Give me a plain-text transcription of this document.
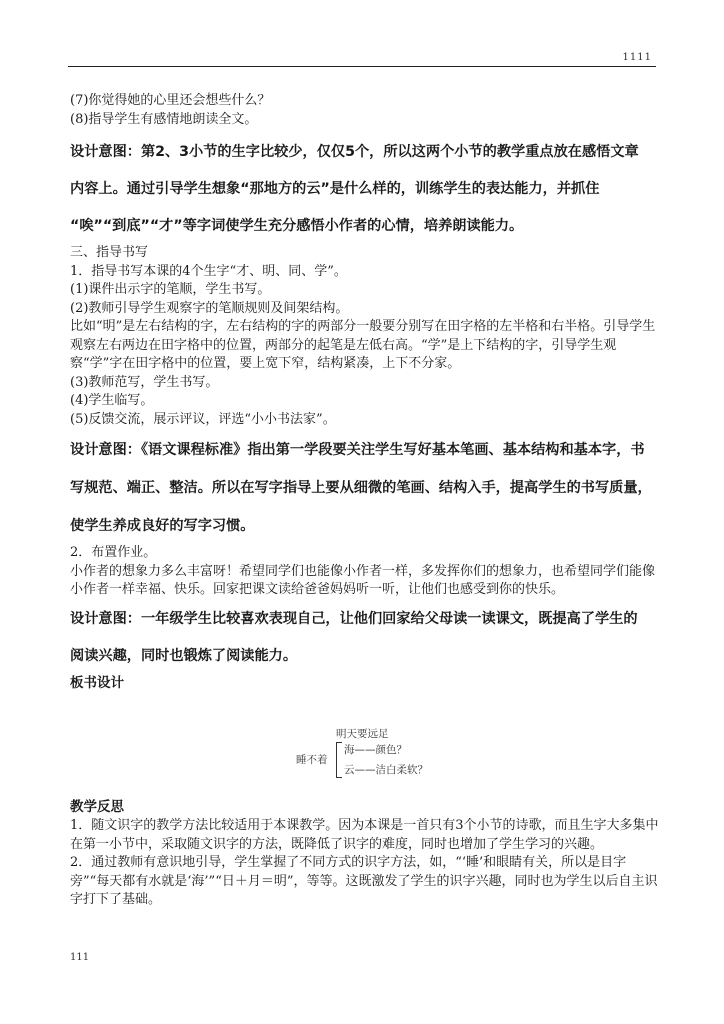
1111
(7)你觉得她的心里还会想些什么？
(8)指导学生有感情地朗读全文。
设计意图：第2、3小节的生字比较少，仅仅5个，所以这两个小节的教学重点放在感悟文章
内容上。通过引导学生想象“那地方的云”是什么样的，训练学生的表达能力，并抓住
“唉”“到底”“才”等字词使学生充分感悟小作者的心情，培养朗读能力。
三、指导书写
1．指导书写本课的4个生字“才、明、同、学”。
(1)课件出示字的笔顺，学生书写。
(2)教师引导学生观察字的笔顺规则及间架结构。
比如“明”是左右结构的字，左右结构的字的两部分一般要分别写在田字格的左半格和右半格。引导学生观察左右两边在田字格中的位置，两部分的起笔是左低右高。“学”是上下结构的字，引导学生观察“学”字在田字格中的位置，要上宽下窄，结构紧凑，上下不分家。
(3)教师范写，学生书写。
(4)学生临写。
(5)反馈交流，展示评议，评选“小小书法家”。
设计意图：《语文课程标准》指出第一学段要关注学生写好基本笔画、基本结构和基本字，书
写规范、端正、整洁。所以在写字指导上要从细微的笔画、结构入手，提高学生的书写质量，
使学生养成良好的写字习惯。
2．布置作业。
小作者的想象力多么丰富呀！希望同学们也能像小作者一样，多发挥你们的想象力，也希望同学们能像小作者一样幸福、快乐。回家把课文读给爸爸妈妈听一听，让他们也感受到你的快乐。
设计意图：一年级学生比较喜欢表现自己，让他们回家给父母读一读课文，既提高了学生的
阅读兴趣，同时也锻炼了阅读能力。
板书设计
明天要远足
睡不着
海——颜色？
云——洁白柔软？
教学反思
1．随文识字的教学方法比较适用于本课教学。因为本课是一首只有3个小节的诗歌，而且生字大多集中在第一小节中，采取随文识字的方法，既降低了识字的难度，同时也增加了学生学习的兴趣。
2．通过教师有意识地引导，学生掌握了不同方式的识字方法，如，“‘睡’和眼睛有关，所以是目字旁”“每天都有水就是‘海’”“日＋月＝明”，等等。这既激发了学生的识字兴趣，同时也为学生以后自主识字打下了基础。
111
